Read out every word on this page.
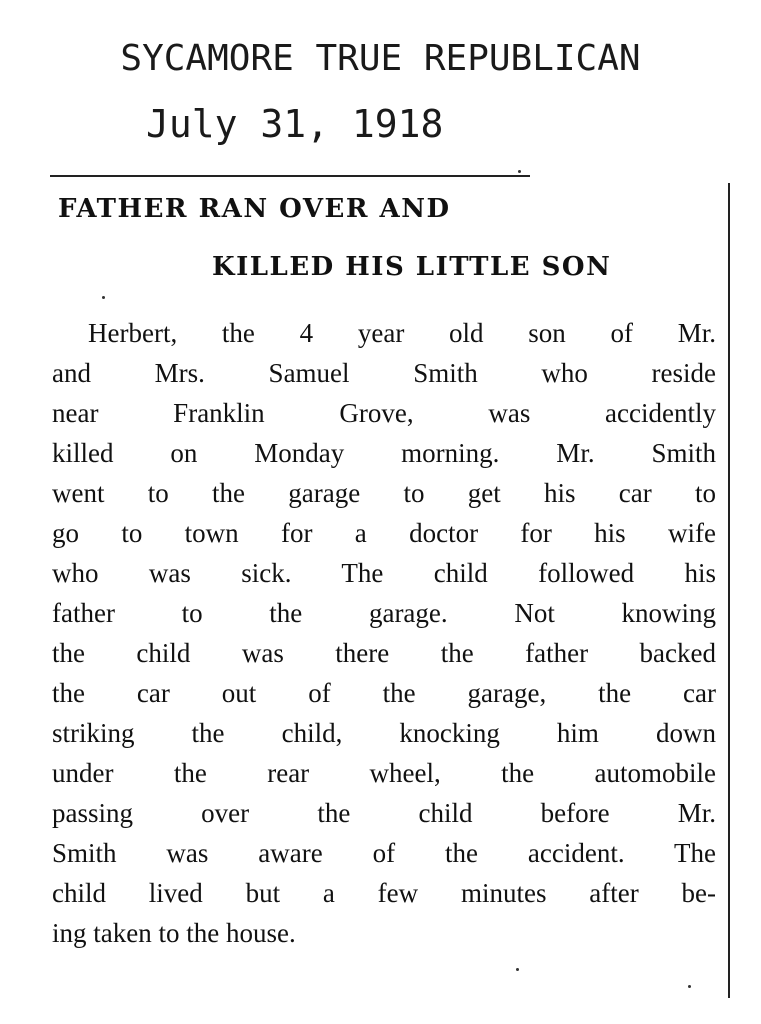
SYCAMORE TRUE REPUBLICAN
July 31, 1918
FATHER RAN OVER AND
KILLED HIS LITTLE SON
Herbert, the 4 year old son of Mr.
and Mrs. Samuel Smith who reside
near Franklin Grove, was accidently
killed on Monday morning. Mr. Smith
went to the garage to get his car to
go to town for a doctor for his wife
who was sick. The child followed his
father to the garage. Not knowing
the child was there the father backed
the car out of the garage, the car
striking the child, knocking him down
under the rear wheel, the automobile
passing over the child before Mr.
Smith was aware of the accident. The
child lived but a few minutes after be-
ing taken to the house.
